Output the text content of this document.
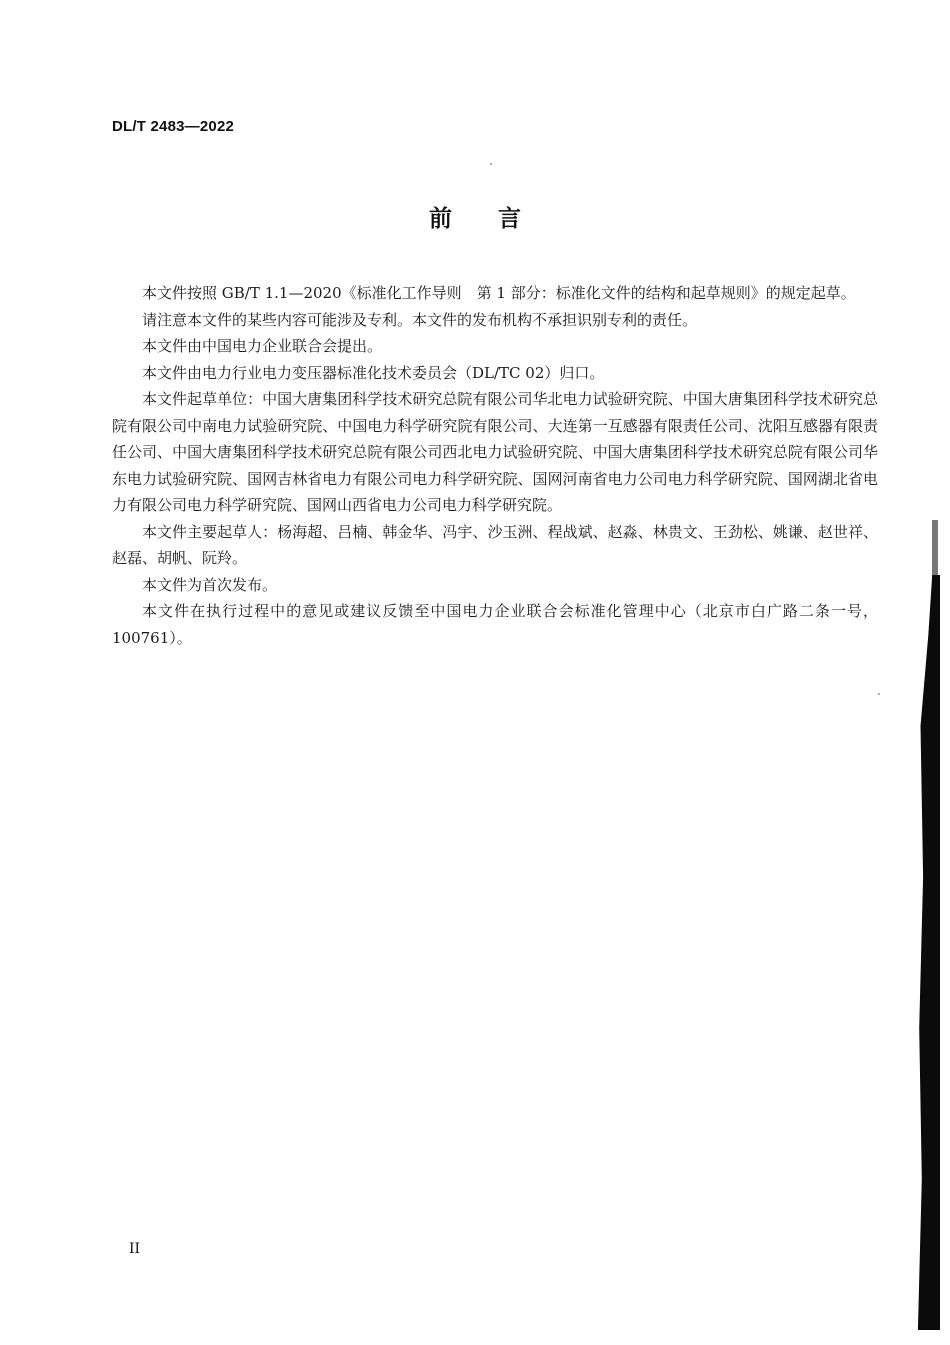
DL/T 2483—2022
前 言

本文件按照 GB/T 1.1—2020《标准化工作导则　第 1 部分：标准化文件的结构和起草规则》的规定起草。

请注意本文件的某些内容可能涉及专利。本文件的发布机构不承担识别专利的责任。

本文件由中国电力企业联合会提出。

本文件由电力行业电力变压器标准化技术委员会（DL/TC 02）归口。

本文件起草单位：中国大唐集团科学技术研究总院有限公司华北电力试验研究院、中国大唐集团科学技术研究总院有限公司中南电力试验研究院、中国电力科学研究院有限公司、大连第一互感器有限责任公司、沈阳互感器有限责任公司、中国大唐集团科学技术研究总院有限公司西北电力试验研究院、中国大唐集团科学技术研究总院有限公司华东电力试验研究院、国网吉林省电力有限公司电力科学研究院、国网河南省电力公司电力科学研究院、国网湖北省电力有限公司电力科学研究院、国网山西省电力公司电力科学研究院。

本文件主要起草人：杨海超、吕楠、韩金华、冯宇、沙玉洲、程战斌、赵淼、林贵文、王劲松、姚谦、赵世祥、赵磊、胡帆、阮羚。

本文件为首次发布。

本文件在执行过程中的意见或建议反馈至中国电力企业联合会标准化管理中心（北京市白广路二条一号，100761）。

II
